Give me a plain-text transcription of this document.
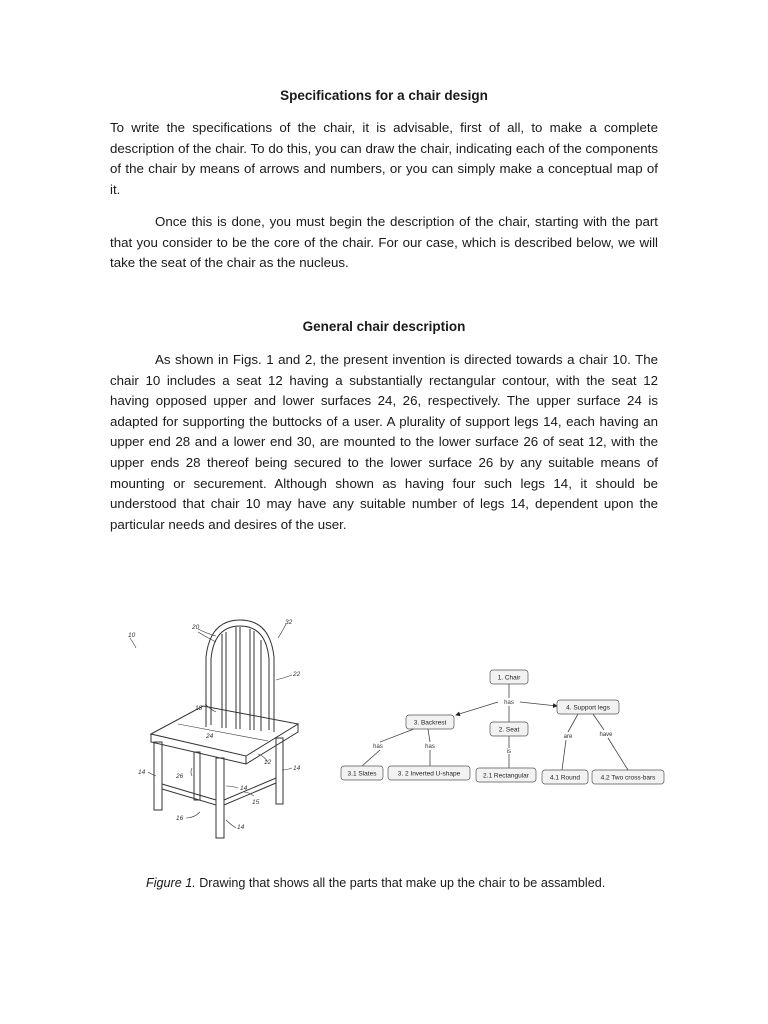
Specifications for a chair design

To write the specifications of the chair, it is advisable, first of all, to make a complete description of the chair. To do this, you can draw the chair, indicating each of the components of the chair by means of arrows and numbers, or you can simply make a conceptual map of it.

Once this is done, you must begin the description of the chair, starting with the part that you consider to be the core of the chair. For our case, which is described below, we will take the seat of the chair as the nucleus.

General chair description

As shown in Figs. 1 and 2, the present invention is directed towards a chair 10. The chair 10 includes a seat 12 having a substantially rectangular contour, with the seat 12 having opposed upper and lower surfaces 24, 26, respectively. The upper surface 24 is adapted for supporting the buttocks of a user. A plurality of support legs 14, each having an upper end 28 and a lower end 30, are mounted to the lower surface 26 of seat 12, with the upper ends 28 thereof being secured to the lower surface 26 by any suitable means of mounting or securement. Although shown as having four such legs 14, it should be understood that chair 10 may have any suitable number of legs 14, dependent upon the particular needs and desires of the user.

10
20
32
22
18
24
12
14
26
14
14
15
16
14
1. Chair
3. Backrest
2. Seat
4. Support legs
3.1 Slates	3. 2 Inverted U-shape	2.1 Rectangular	4.1 Round	4.2 Two cross-bars
has
has	has
is
are	have

Figure 1. Drawing that shows all the parts that make up the chair to be assambled.
